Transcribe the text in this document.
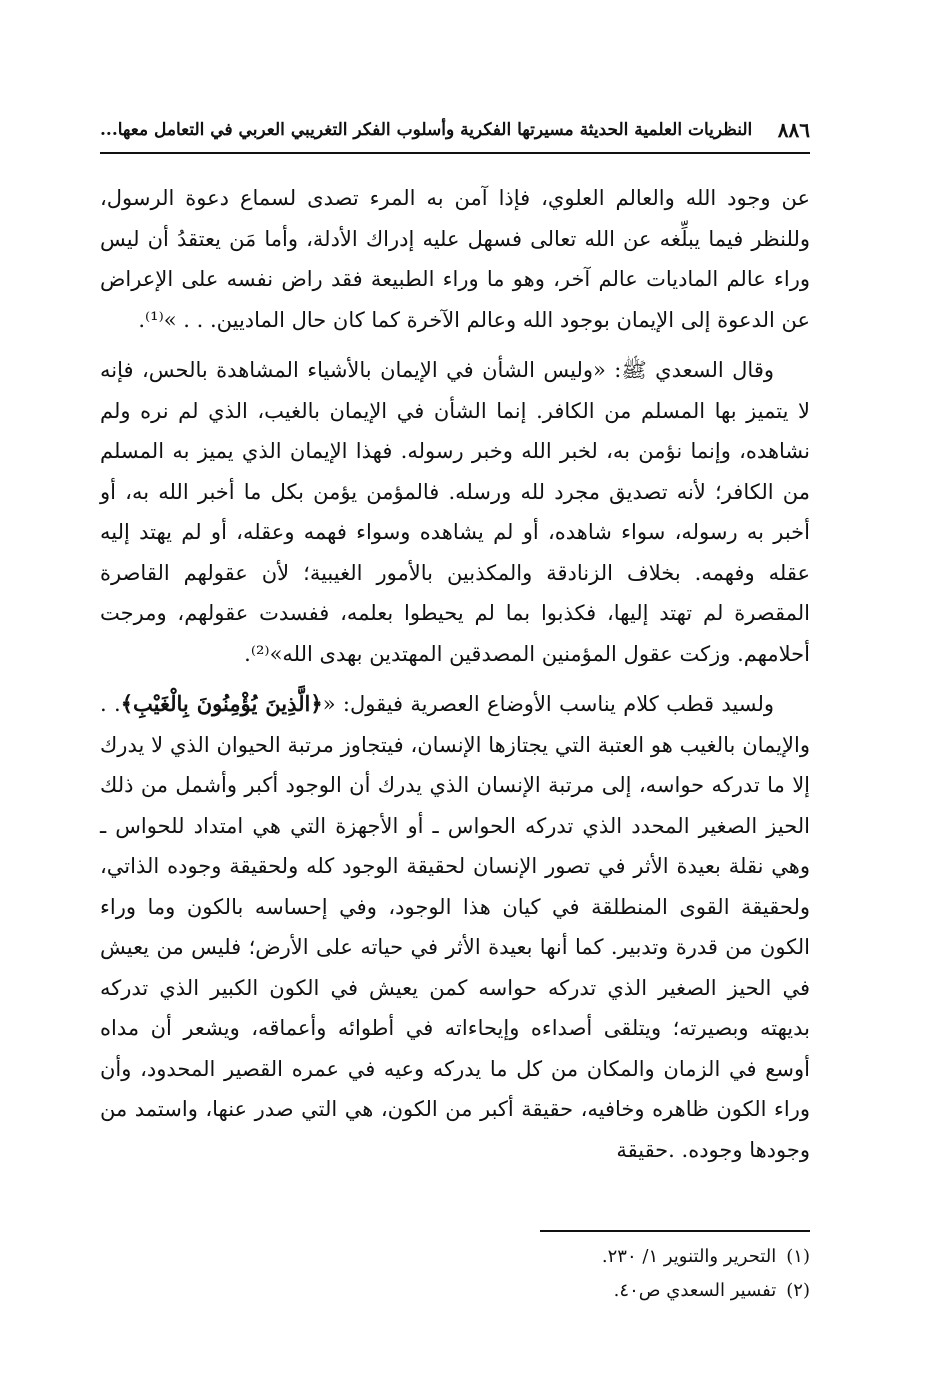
٨٨٦
النظريات العلمية الحديثة مسيرتها الفكرية وأسلوب الفكر التغريبي العربي في التعامل معها...

عن وجود الله والعالم العلوي، فإذا آمن به المرء تصدى لسماع دعوة الرسول، وللنظر فيما يبلِّغه عن الله تعالى فسهل عليه إدراك الأدلة، وأما مَن يعتقدُ أن ليس وراء عالم الماديات عالم آخر، وهو ما وراء الطبيعة فقد راض نفسه على الإعراض عن الدعوة إلى الإيمان بوجود الله وعالم الآخرة كما كان حال الماديين. . . »⁽¹⁾.

وقال السعدي ﷺ: «وليس الشأن في الإيمان بالأشياء المشاهدة بالحس، فإنه لا يتميز بها المسلم من الكافر. إنما الشأن في الإيمان بالغيب، الذي لم نره ولم نشاهده، وإنما نؤمن به، لخبر الله وخبر رسوله. فهذا الإيمان الذي يميز به المسلم من الكافر؛ لأنه تصديق مجرد لله ورسله. فالمؤمن يؤمن بكل ما أخبر الله به، أو أخبر به رسوله، سواء شاهده، أو لم يشاهده وسواء فهمه وعقله، أو لم يهتد إليه عقله وفهمه. بخلاف الزنادقة والمكذبين بالأمور الغيبية؛ لأن عقولهم القاصرة المقصرة لم تهتد إليها، فكذبوا بما لم يحيطوا بعلمه، ففسدت عقولهم، ومرجت أحلامهم. وزكت عقول المؤمنين المصدقين المهتدين بهدى الله»⁽²⁾.

ولسيد قطب كلام يناسب الأوضاع العصرية فيقول: «﴿الَّذِينَ يُؤْمِنُونَ بِالْغَيْبِ﴾. . والإيمان بالغيب هو العتبة التي يجتازها الإنسان، فيتجاوز مرتبة الحيوان الذي لا يدرك إلا ما تدركه حواسه، إلى مرتبة الإنسان الذي يدرك أن الوجود أكبر وأشمل من ذلك الحيز الصغير المحدد الذي تدركه الحواس ـ أو الأجهزة التي هي امتداد للحواس ـ وهي نقلة بعيدة الأثر في تصور الإنسان لحقيقة الوجود كله ولحقيقة وجوده الذاتي، ولحقيقة القوى المنطلقة في كيان هذا الوجود، وفي إحساسه بالكون وما وراء الكون من قدرة وتدبير. كما أنها بعيدة الأثر في حياته على الأرض؛ فليس من يعيش في الحيز الصغير الذي تدركه حواسه كمن يعيش في الكون الكبير الذي تدركه بديهته وبصيرته؛ ويتلقى أصداءه وإيحاءاته في أطوائه وأعماقه، ويشعر أن مداه أوسع في الزمان والمكان من كل ما يدركه وعيه في عمره القصير المحدود، وأن وراء الكون ظاهره وخافيه، حقيقة أكبر من الكون، هي التي صدر عنها، واستمد من وجودها وجوده. .حقيقة

(١)التحرير والتنوير ١/ ٢٣٠.
(٢)تفسير السعدي ص٤٠.
